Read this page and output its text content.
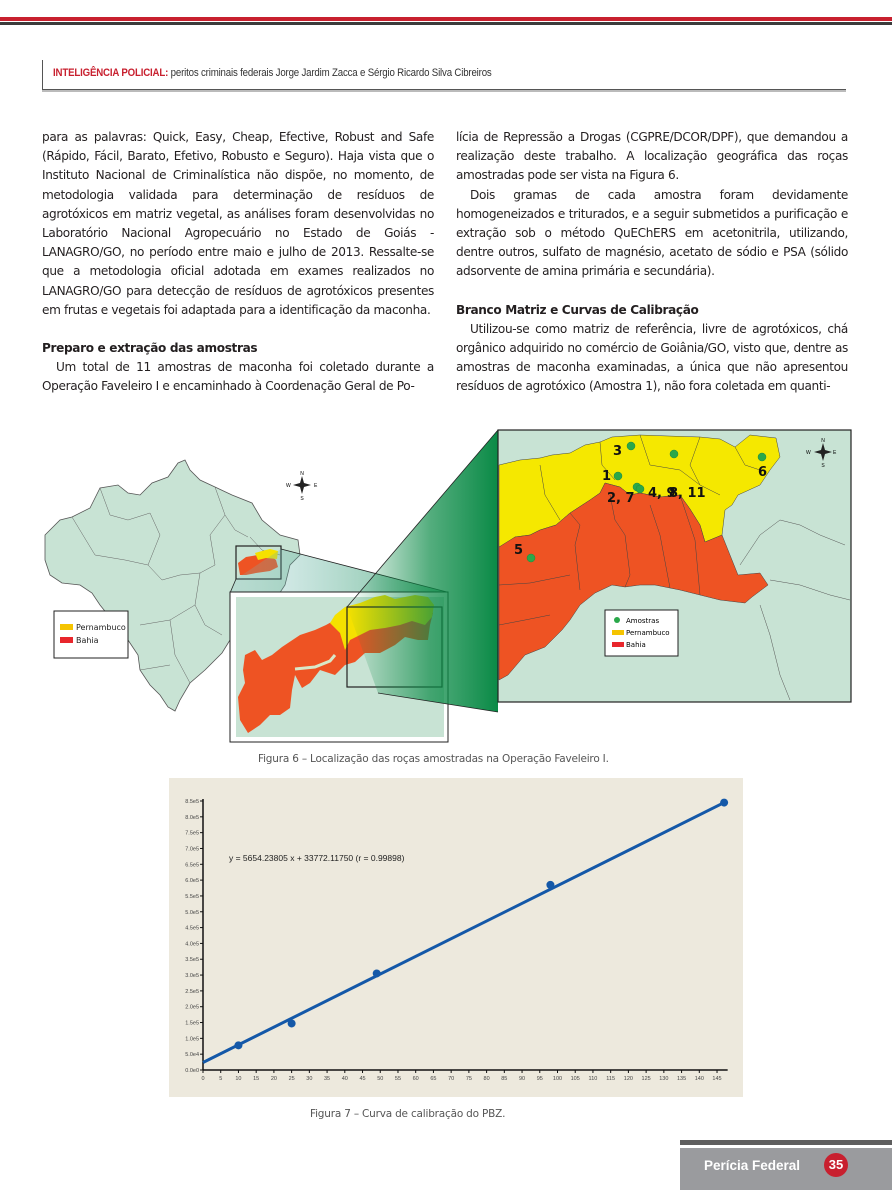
INTELIGÊNCIA POLICIAL: peritos criminais federais Jorge Jardim Zacca e Sérgio Ricardo Silva Cibreiros

para as palavras: Quick, Easy, Cheap, Efective, Robust and Safe (Rápido, Fácil, Barato, Efetivo, Robusto e Seguro). Haja vista que o Instituto Nacional de Criminalística não dispõe, no momento, de metodologia validada para determinação de resíduos de agrotóxicos em matriz vegetal, as análises foram desenvolvidas no Laboratório Nacional Agropecuário no Estado de Goiás - LANAGRO/GO, no período entre maio e julho de 2013. Ressalte-se que a metodologia oficial adotada em exames realizados no LANAGRO/GO para detecção de resíduos de agrotóxicos presentes em frutas e vegetais foi adaptada para a identificação da maconha.

Preparo e extração das amostras

Um total de 11 amostras de maconha foi coletado durante a Operação Faveleiro I e encaminhado à Coordenação Geral de Po-

lícia de Repressão a Drogas (CGPRE/DCOR/DPF), que demandou a realização deste trabalho. A localização geográfica das roças amostradas pode ser vista na Figura 6.

Dois gramas de cada amostra foram devidamente homogeneizados e triturados, e a seguir submetidos a purificação e extração sob o método QuEChERS em acetonitrila, utilizando, dentre outros, sulfato de magnésio, acetato de sódio e PSA (sólido adsorvente de amina primária e secundária).

Branco Matriz e Curvas de Calibração

Utilizou-se como matriz de referência, livre de agrotóxicos, chá orgânico adquirido no comércio de Goiânia/GO, visto que, dentre as amostras de maconha examinadas, a única que não apresentou resíduos de agrotóxico (Amostra 1), não fora coletada em quanti-

N
S
E
W
Pernambuco
Bahia
3
1
8, 11
6
2, 7 4, 9
5
N
S
E
W
Amostras
Pernambuco
Bahia
Figura 6 – Localização das roças amostradas na Operação Faveleiro I.
0.0e0
5.0e4
1.0e5
1.5e5
2.0e5
2.5e5
3.0e5
3.5e5
4.0e5
4.5e5
5.0e5
5.5e5
6.0e5
6.5e5
7.0e5
7.5e5
8.0e5
8.5e5
0	5 10 15 20 25 30 35 40 45 50 55 60 65 70 75 80 85 90 95 100 105 110 115 120 125 130 135 140 145
y = 5654.23805 x + 33772.11750 (r = 0.99898)
Figura 7 – Curva de calibração do PBZ.
Perícia Federal	35
